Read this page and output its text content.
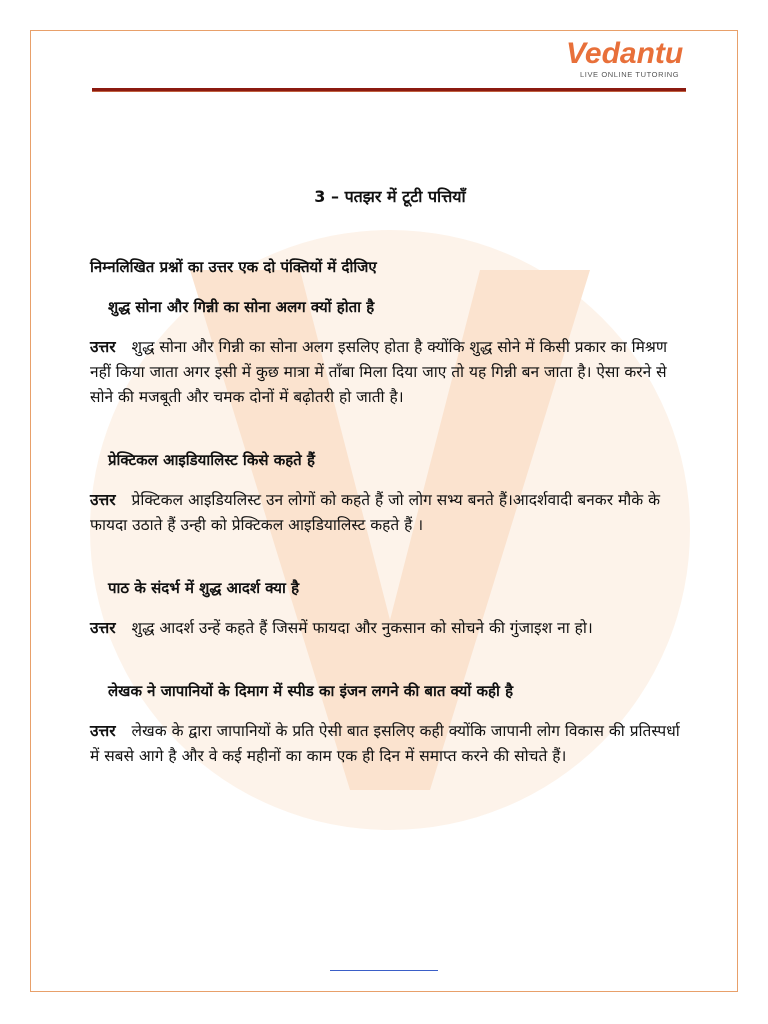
Vedantu
LIVE ONLINE TUTORING
3 – पतझर में टूटी पत्तियाँ

निम्नलिखित प्रश्नों का उत्तर एक दो पंक्तियों में दीजिए

शुद्ध सोना और गिन्नी का सोना अलग क्यों होता है

उत्तर शुद्ध सोना और गिन्नी का सोना अलग इसलिए होता है क्योंकि शुद्ध सोने में किसी प्रकार का मिश्रण नहीं किया जाता अगर इसी में कुछ मात्रा में ताँबा मिला दिया जाए तो यह गिन्नी बन जाता है। ऐसा करने से सोने की मजबूती और चमक दोनों में बढ़ोतरी हो जाती है।

प्रेक्टिकल आइडियालिस्ट किसे कहते हैं

उत्तर प्रेक्टिकल आइडियलिस्ट उन लोगों को कहते हैं जो लोग सभ्य बनते हैं।आदर्शवादी बनकर मौके के फायदा उठाते हैं उन्ही को प्रेक्टिकल आइडियालिस्ट कहते हैं ।

पाठ के संदर्भ में शुद्ध आदर्श क्या है

उत्तर शुद्ध आदर्श उन्हें कहते हैं जिसमें फायदा और नुकसान को सोचने की गुंजाइश ना हो।

लेखक ने जापानियों के दिमाग में स्पीड का इंजन लगने की बात क्यों कही है

उत्तर लेखक के द्वारा जापानियों के प्रति ऐसी बात इसलिए कही क्योंकि जापानी लोग विकास की प्रतिस्पर्धा में सबसे आगे है और वे कई महीनों का काम एक ही दिन में समाप्त करने की सोचते हैं।
